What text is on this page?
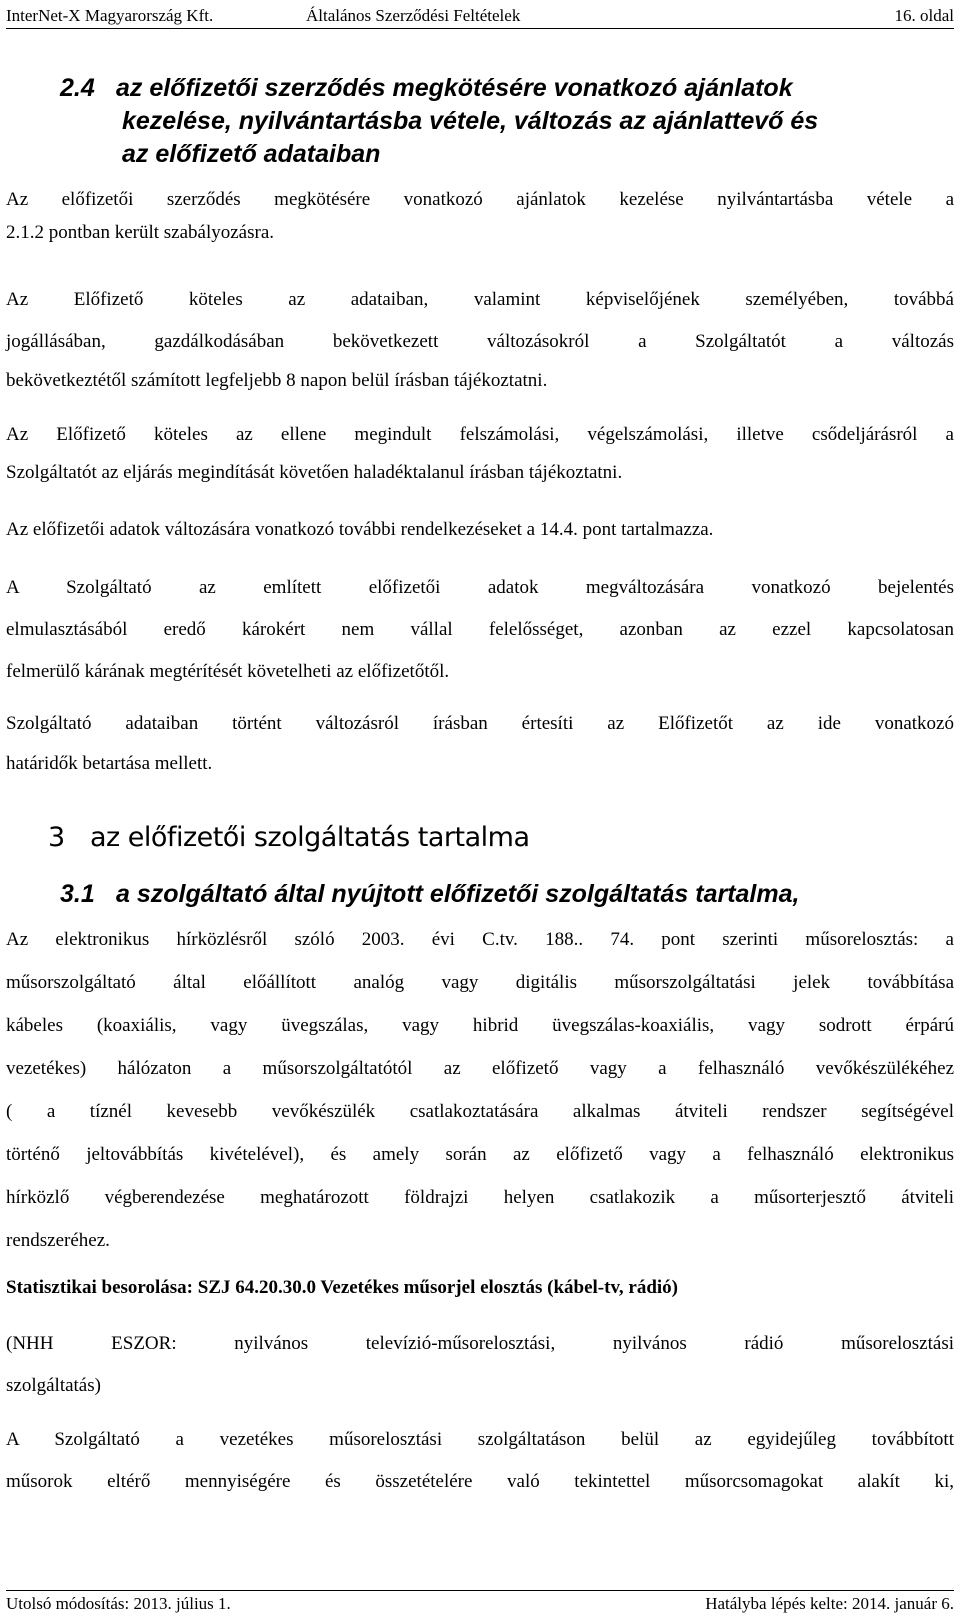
InterNet-X Magyarország Kft.	Általános Szerződési Feltételek	16. oldal
2.4 az előfizetői szerződés megkötésére vonatkozó ajánlatok
kezelése, nyilvántartásba vétele, változás az ajánlattevő és
az előfizető adataiban
Az előfizetői szerződés megkötésére vonatkozó ajánlatok kezelése nyilvántartásba vétele a
2.1.2 pontban került szabályozásra.
Az Előfizető köteles az adataiban, valamint képviselőjének személyében, továbbá
jogállásában, gazdálkodásában bekövetkezett változásokról a Szolgáltatót a változás
bekövetkeztétől számított legfeljebb 8 napon belül írásban tájékoztatni.
Az Előfizető köteles az ellene megindult felszámolási, végelszámolási, illetve csődeljárásról a
Szolgáltatót az eljárás megindítását követően haladéktalanul írásban tájékoztatni.
Az előfizetői adatok változására vonatkozó további rendelkezéseket a 14.4. pont tartalmazza.
A Szolgáltató az említett előfizetői adatok megváltozására vonatkozó bejelentés
elmulasztásából eredő károkért nem vállal felelősséget, azonban az ezzel kapcsolatosan
felmerülő kárának megtérítését követelheti az előfizetőtől.
Szolgáltató adataiban történt változásról írásban értesíti az Előfizetőt az ide vonatkozó
határidők betartása mellett.
3 az előfizetői szolgáltatás tartalma
3.1 a szolgáltató által nyújtott előfizetői szolgáltatás tartalma,
Az elektronikus hírközlésről szóló 2003. évi C.tv. 188.. 74. pont szerinti műsorelosztás: a
műsorszolgáltató által előállított analóg vagy digitális műsorszolgáltatási jelek továbbítása
kábeles (koaxiális, vagy üvegszálas, vagy hibrid üvegszálas-koaxiális, vagy sodrott érpárú
vezetékes) hálózaton a műsorszolgáltatótól az előfizető vagy a felhasználó vevőkészülékéhez
( a tíznél kevesebb vevőkészülék csatlakoztatására alkalmas átviteli rendszer segítségével
történő jeltovábbítás kivételével), és amely során az előfizető vagy a felhasználó elektronikus
hírközlő végberendezése meghatározott földrajzi helyen csatlakozik a műsorterjesztő átviteli
rendszeréhez.
Statisztikai besorolása: SZJ 64.20.30.0 Vezetékes műsorjel elosztás (kábel-tv, rádió)
(NHH ESZOR: nyilvános televízió-műsorelosztási, nyilvános rádió műsorelosztási
szolgáltatás)
A Szolgáltató a vezetékes műsorelosztási szolgáltatáson belül az egyidejűleg továbbított
műsorok eltérő mennyiségére és összetételére való tekintettel műsorcsomagokat alakít ki,
Utolsó módosítás: 2013. július 1.	Hatályba lépés kelte: 2014. január 6.
